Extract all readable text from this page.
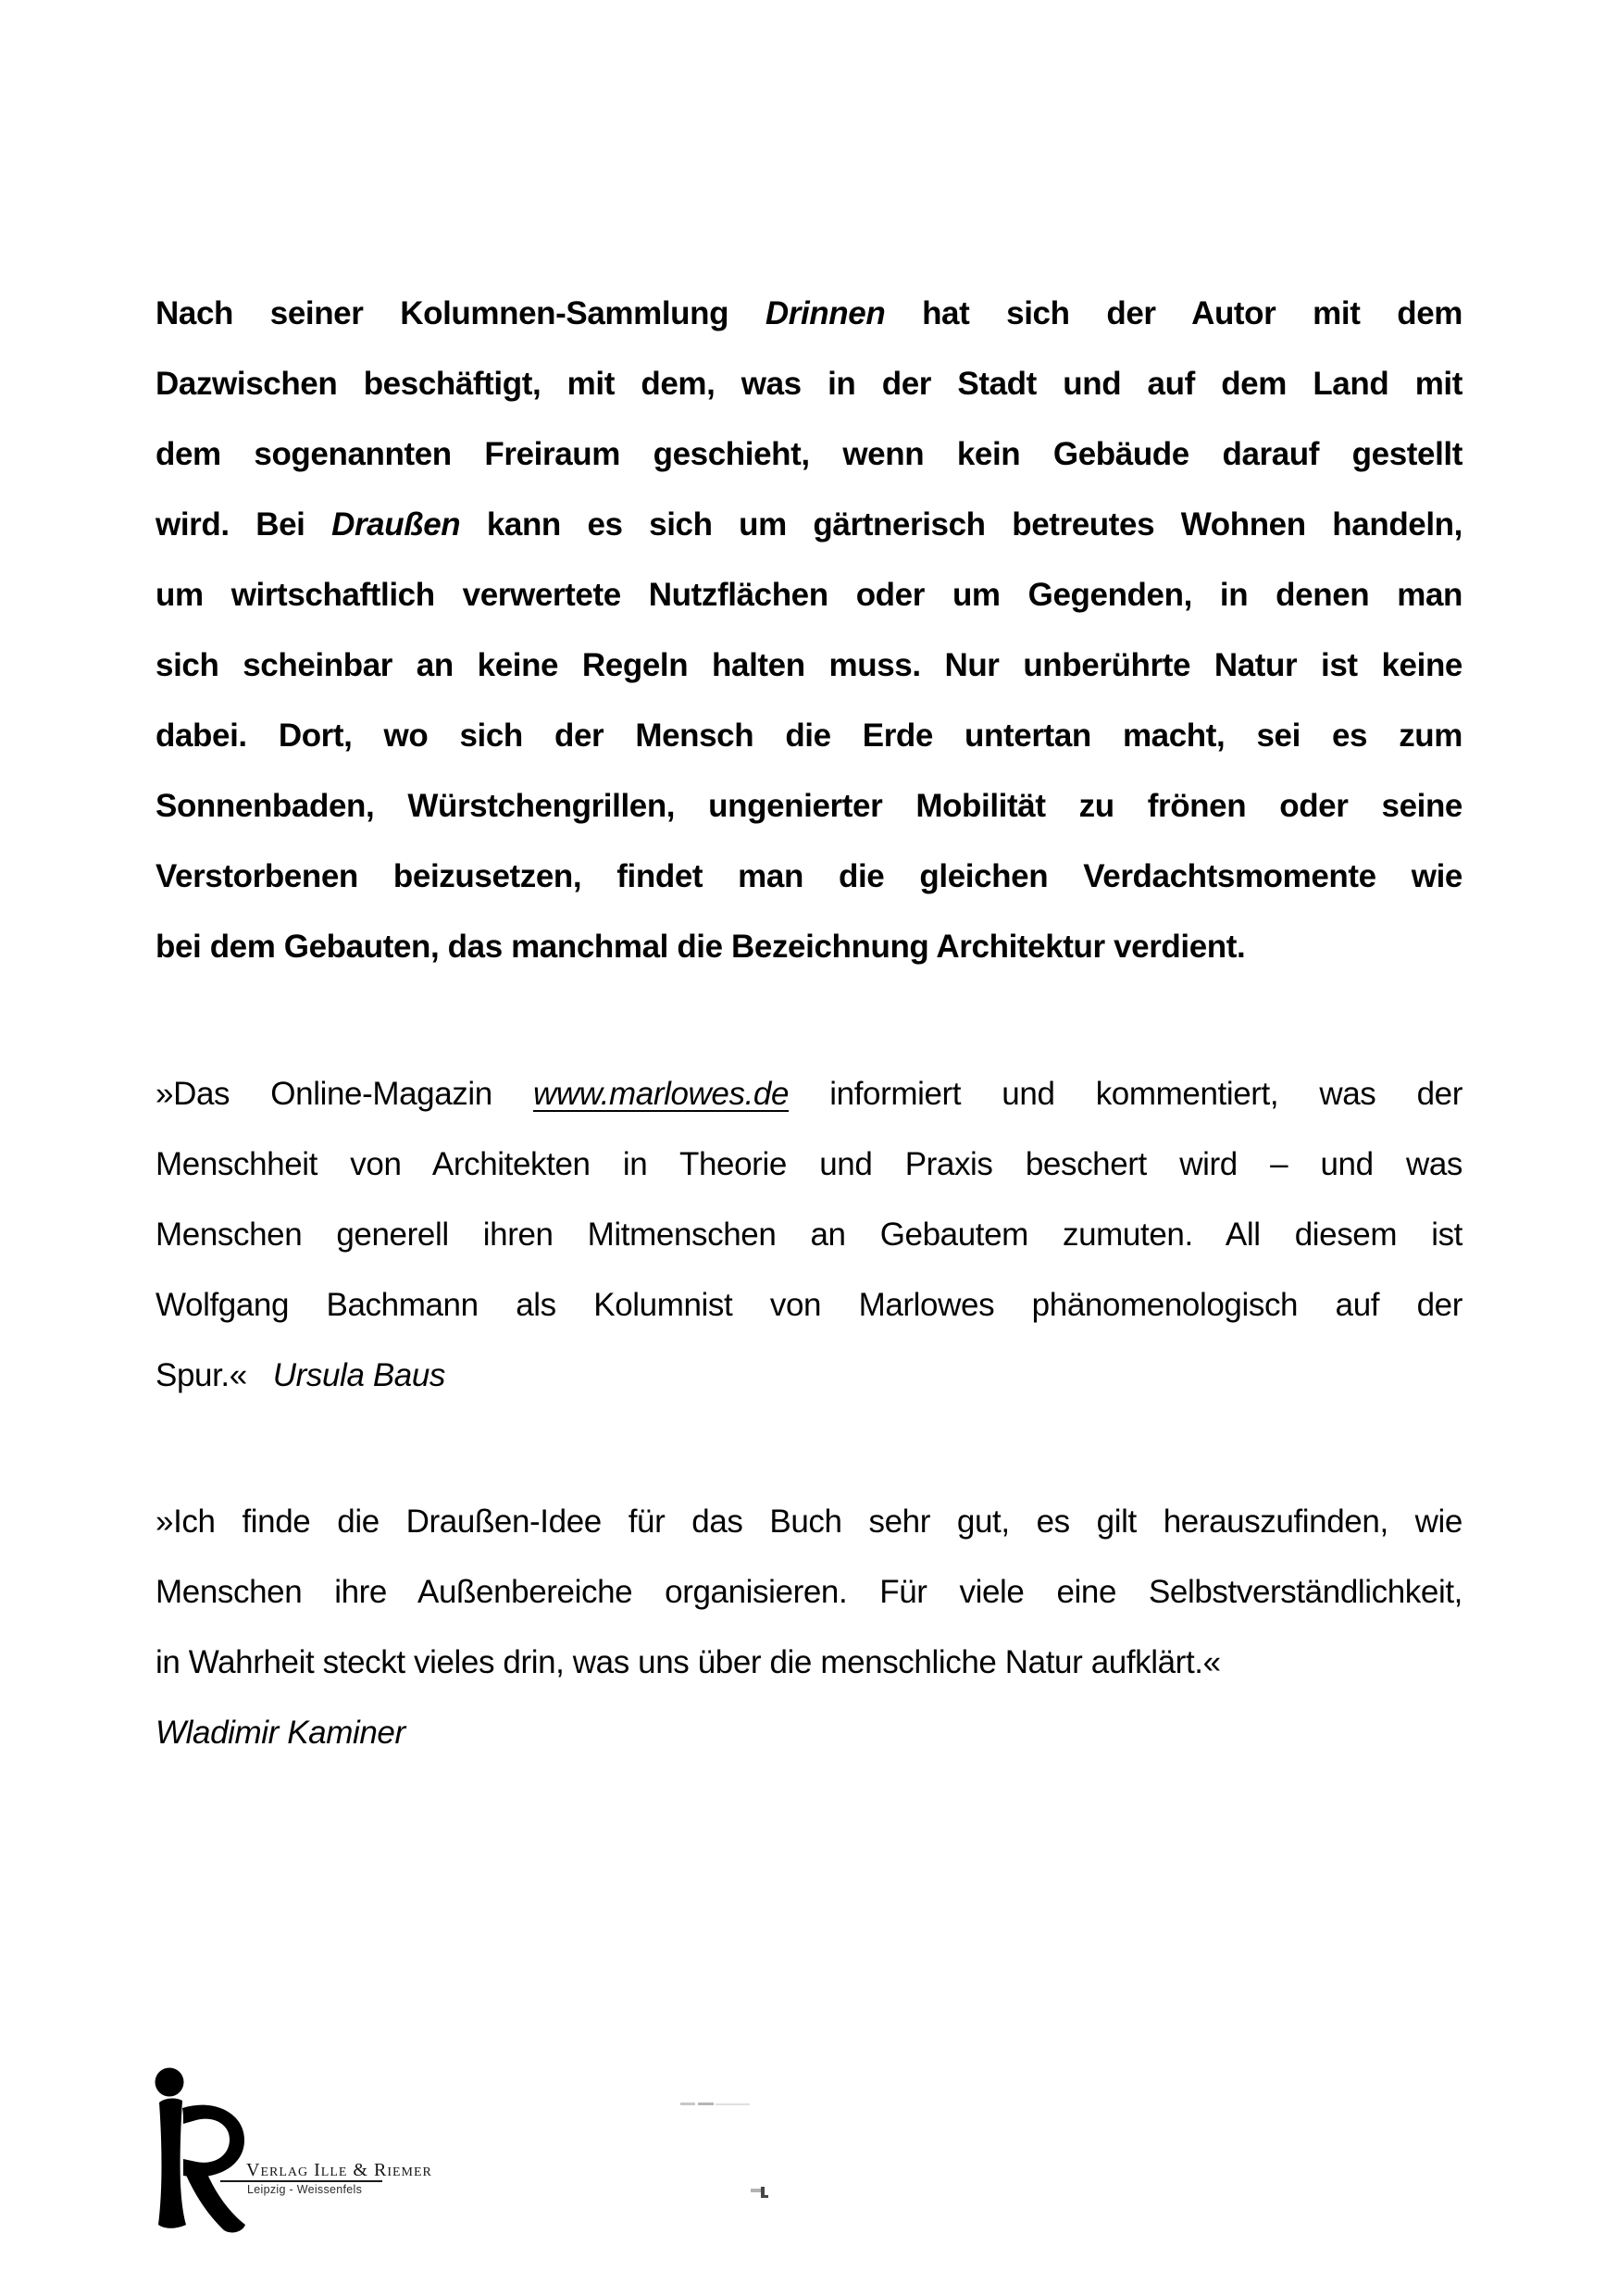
Nach seiner Kolumnen-Sammlung Drinnen hat sich der Autor mit dem
Dazwischen beschäftigt, mit dem, was in der Stadt und auf dem Land mit
dem sogenannten Freiraum geschieht, wenn kein Gebäude darauf gestellt
wird. Bei Draußen kann es sich um gärtnerisch betreutes Wohnen handeln,
um wirtschaftlich verwertete Nutzflächen oder um Gegenden, in denen man
sich scheinbar an keine Regeln halten muss. Nur unberührte Natur ist keine
dabei. Dort, wo sich der Mensch die Erde untertan macht, sei es zum
Sonnenbaden, Würstchengrillen, ungenierter Mobilität zu frönen oder seine
Verstorbenen beizusetzen, findet man die gleichen Verdachtsmomente wie
bei dem Gebauten, das manchmal die Bezeichnung Architektur verdient.
»Das Online-Magazin www.marlowes.de informiert und kommentiert, was der
Menschheit von Architekten in Theorie und Praxis beschert wird – und was
Menschen generell ihren Mitmenschen an Gebautem zumuten. All diesem ist
Wolfgang Bachmann als Kolumnist von Marlowes phänomenologisch auf der
Spur.«   Ursula Baus
»Ich finde die Draußen-Idee für das Buch sehr gut, es gilt herauszufinden, wie
Menschen ihre Außenbereiche organisieren. Für viele eine Selbstverständlichkeit,
in Wahrheit steckt vieles drin, was uns über die menschliche Natur aufklärt.«
Wladimir Kaminer
Verlag Ille & Riemer
Leipzig - Weissenfels
